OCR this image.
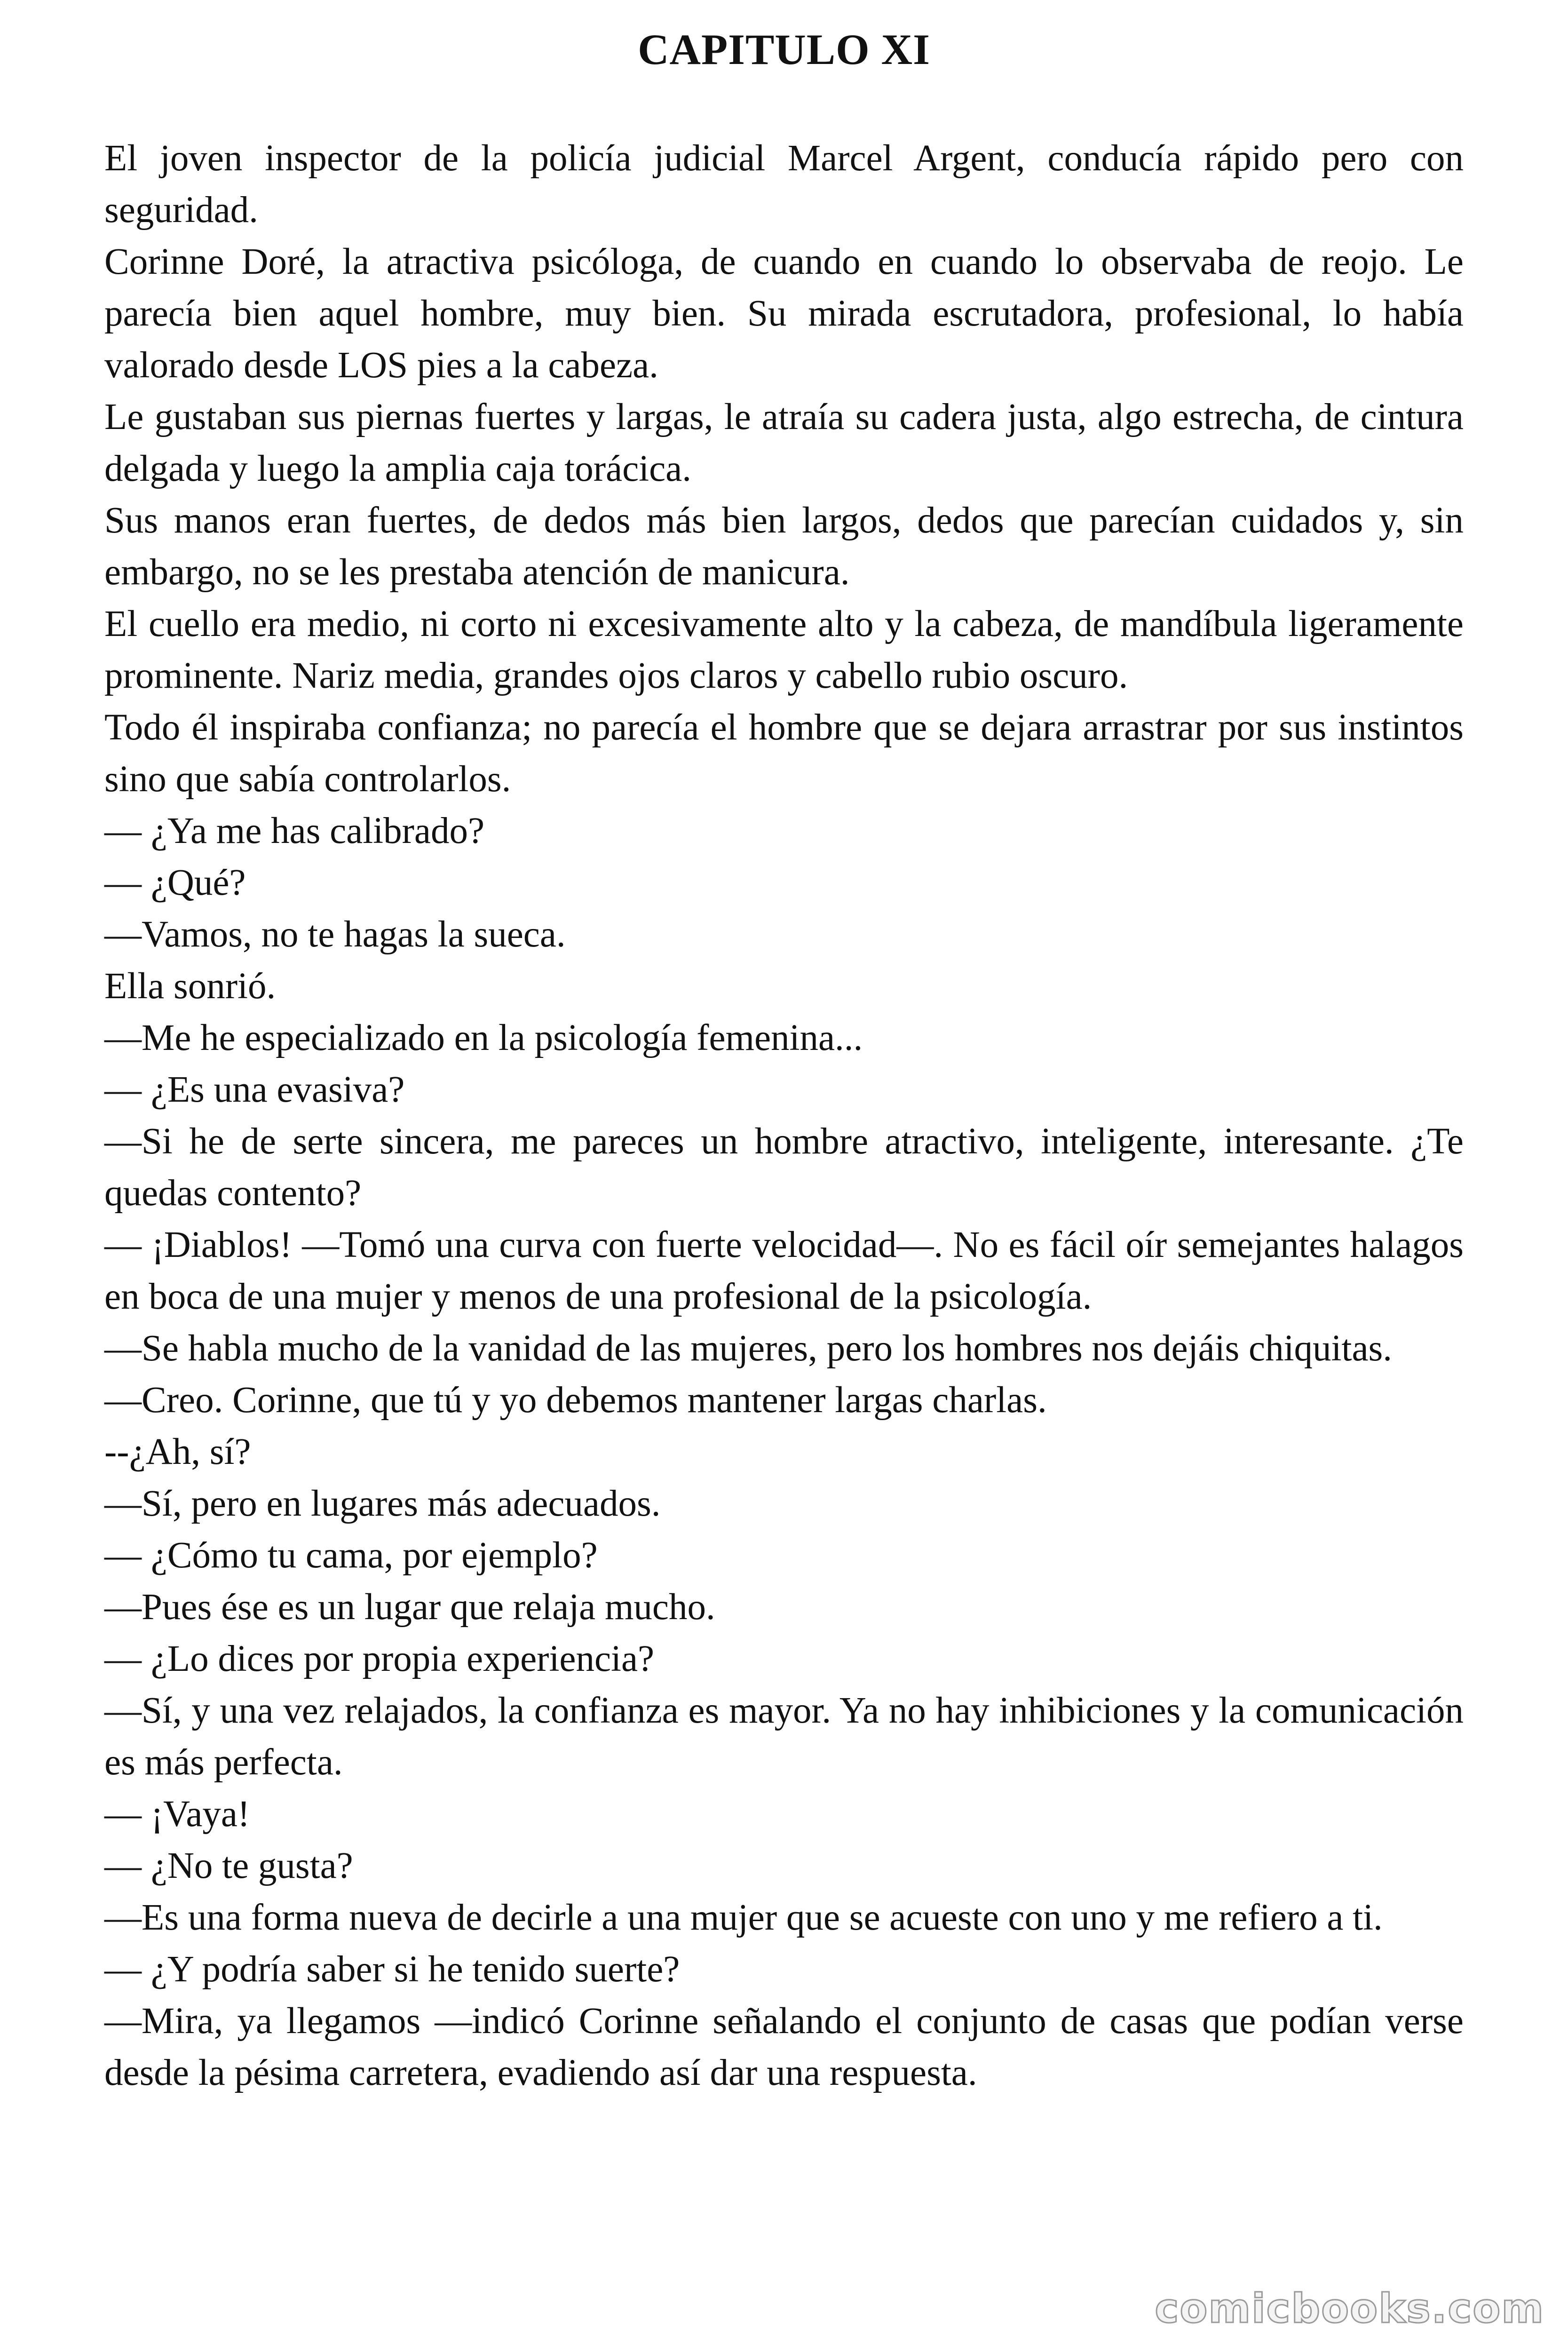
CAPITULO XI

El joven inspector de la policía judicial Marcel Argent, conducía rápido pero con seguridad.

Corinne Doré, la atractiva psicóloga, de cuando en cuando lo observaba de reojo. Le parecía bien aquel hombre, muy bien. Su mirada escrutadora, profesional, lo había valorado desde LOS pies a la cabeza.

Le gustaban sus piernas fuertes y largas, le atraía su cadera justa, algo estrecha, de cintura delgada y luego la amplia caja torácica.

Sus manos eran fuertes, de dedos más bien largos, dedos que parecían cuidados y, sin embargo, no se les prestaba atención de manicura.

El cuello era medio, ni corto ni excesivamente alto y la cabeza, de mandíbula ligeramente prominente. Nariz media, grandes ojos claros y cabello rubio oscuro.

Todo él inspiraba confianza; no parecía el hombre que se dejara arrastrar por sus instintos sino que sabía controlarlos.

— ¿Ya me has calibrado?

— ¿Qué?

—Vamos, no te hagas la sueca.

Ella sonrió.

—Me he especializado en la psicología femenina...

— ¿Es una evasiva?

—Si he de serte sincera, me pareces un hombre atractivo, inteligente, interesante. ¿Te quedas contento?

— ¡Diablos! —Tomó una curva con fuerte velocidad—. No es fácil oír semejantes halagos en boca de una mujer y menos de una profesional de la psicología.

—Se habla mucho de la vanidad de las mujeres, pero los hombres nos dejáis chiquitas.

—Creo. Corinne, que tú y yo debemos mantener largas charlas.

--¿Ah, sí?

—Sí, pero en lugares más adecuados.

— ¿Cómo tu cama, por ejemplo?

—Pues ése es un lugar que relaja mucho.

— ¿Lo dices por propia experiencia?

—Sí, y una vez relajados, la confianza es mayor. Ya no hay inhibiciones y la comunicación es más perfecta.

— ¡Vaya!

— ¿No te gusta?

—Es una forma nueva de decirle a una mujer que se acueste con uno y me refiero a ti.

— ¿Y podría saber si he tenido suerte?

—Mira, ya llegamos —indicó Corinne señalando el conjunto de casas que podían verse desde la pésima carretera, evadiendo así dar una respuesta.

comicbooks.com
